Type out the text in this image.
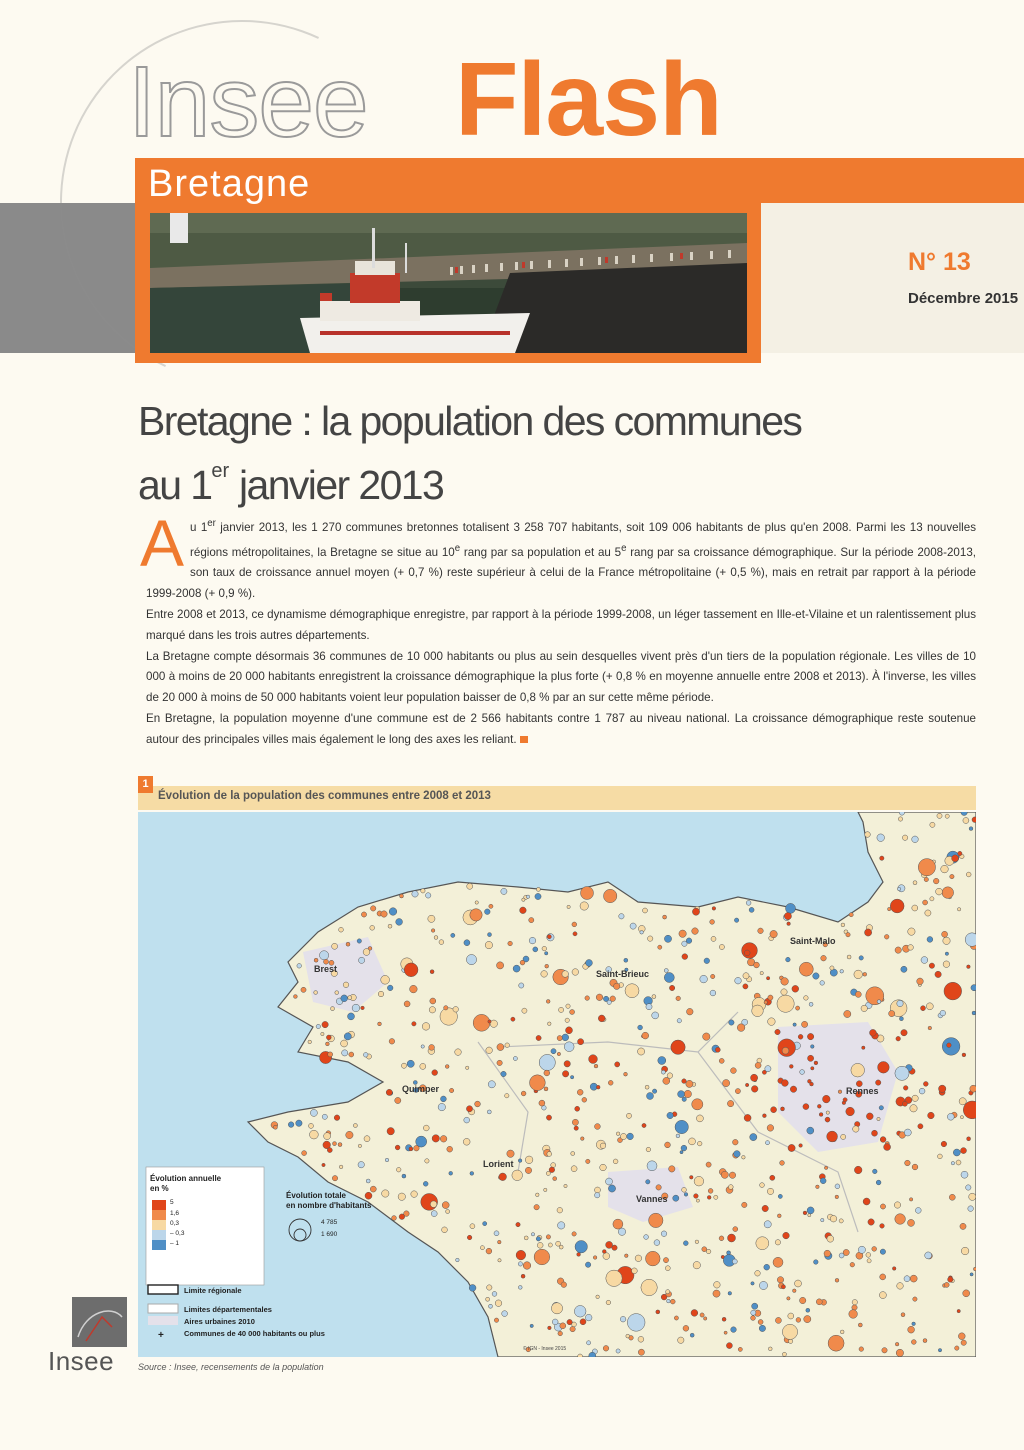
Insee Flash
Bretagne
N° 13
Décembre 2015
Bretagne : la population des communes
au 1er janvier 2013

Au 1er janvier 2013, les 1 270 communes bretonnes totalisent 3 258 707 habitants, soit 109 006 habitants de plus qu'en 2008. Parmi les 13 nouvelles régions métropolitaines, la Bretagne se situe au 10e rang par sa population et au 5e rang par sa croissance démographique. Sur la période 2008-2013, son taux de croissance annuel moyen (+ 0,7 %) reste supérieur à celui de la France métropolitaine (+ 0,5 %), mais en retrait par rapport à la période 1999-2008 (+ 0,9 %).

Entre 2008 et 2013, ce dynamisme démographique enregistre, par rapport à la période 1999-2008, un léger tassement en Ille-et-Vilaine et un ralentissement plus marqué dans les trois autres départements.

La Bretagne compte désormais 36 communes de 10 000 habitants ou plus au sein desquelles vivent près d'un tiers de la population régionale. Les villes de 10 000 à moins de 20 000 habitants enregistrent la croissance démographique la plus forte (+ 0,8 % en moyenne annuelle entre 2008 et 2013). À l'inverse, les villes de 20 000 à moins de 50 000 habitants voient leur population baisser de 0,8 % par an sur cette même période.

En Bretagne, la population moyenne d'une commune est de 2 566 habitants contre 1 787 au niveau national. La croissance démographique reste soutenue autour des principales villes mais également le long des axes les reliant.

1
Évolution de la population des communes entre 2008 et 2013
Saint-Malo
Brest	Saint-Brieuc
Quimper	Rennes
Lorient
Vannes
Évolution annuelle
en %
5
1,6
0,3
– 0,3
– 1
Évolution totale
en nombre d'habitants
4 785
1 690
Limite régionale
Limites départementales
Aires urbaines 2010
+	Communes de 40 000 habitants ou plus
© IGN - Insee 2015
Source : Insee, recensements de la population
Insee
